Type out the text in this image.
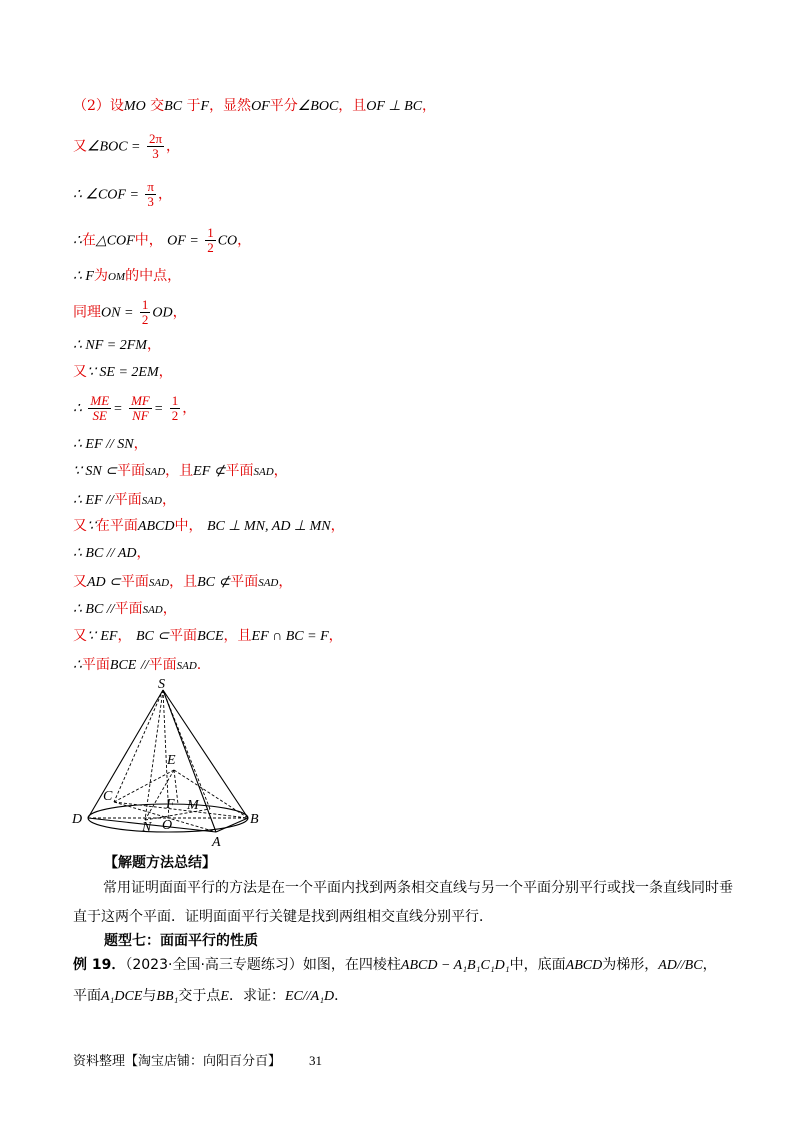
（2）设MO 交BC 于F，显然OF平分∠BOC，且OF ⊥ BC，
又∠BOC = $\frac{2\pi}{3}$ ，
∴ ∠COF = $\frac{\pi}{3}$ ，
∴在△COF中， OF = $\frac{1}{2}$ CO，
∴ F为OM的中点，
同理ON = $\frac{1}{2}$ OD，
∴ NF = 2FM，
又∵ SE = 2EM，
∴ $\frac{ME}{SE} = \frac{MF}{NF} = \frac{1}{2}$ ，
∴ EF // SN，
∵ SN ⊂平面SAD，且EF ⊄平面SAD，
∴ EF //平面SAD，
又∵在平面ABCD中， BC ⊥ MN, AD ⊥ MN，
∴ BC // AD，
又AD ⊂平面SAD，且BC ⊄平面SAD，
∴ BC //平面SAD，
又∵ EF， BC ⊂平面BCE，且EF ∩ BC = F，
∴平面BCE //平面SAD.
S
E
C
F M
D
N O	B
A
【解题方法总结】
常用证明面面平行的方法是在一个平面内找到两条相交直线与另一个平面分别平行或找一条直线同时垂直于这两个平面．证明面面平行关键是找到两组相交直线分别平行．
题型七：面面平行的性质
例 19．（2023·全国·高三专题练习）如图，在四棱柱ABCD − A₁B₁C₁D₁中，底面ABCD为梯形，AD//BC，
平面A₁DCE与BB₁交于点E．求证：EC//A₁D．
资料整理【淘宝店铺：向阳百分百】 31
